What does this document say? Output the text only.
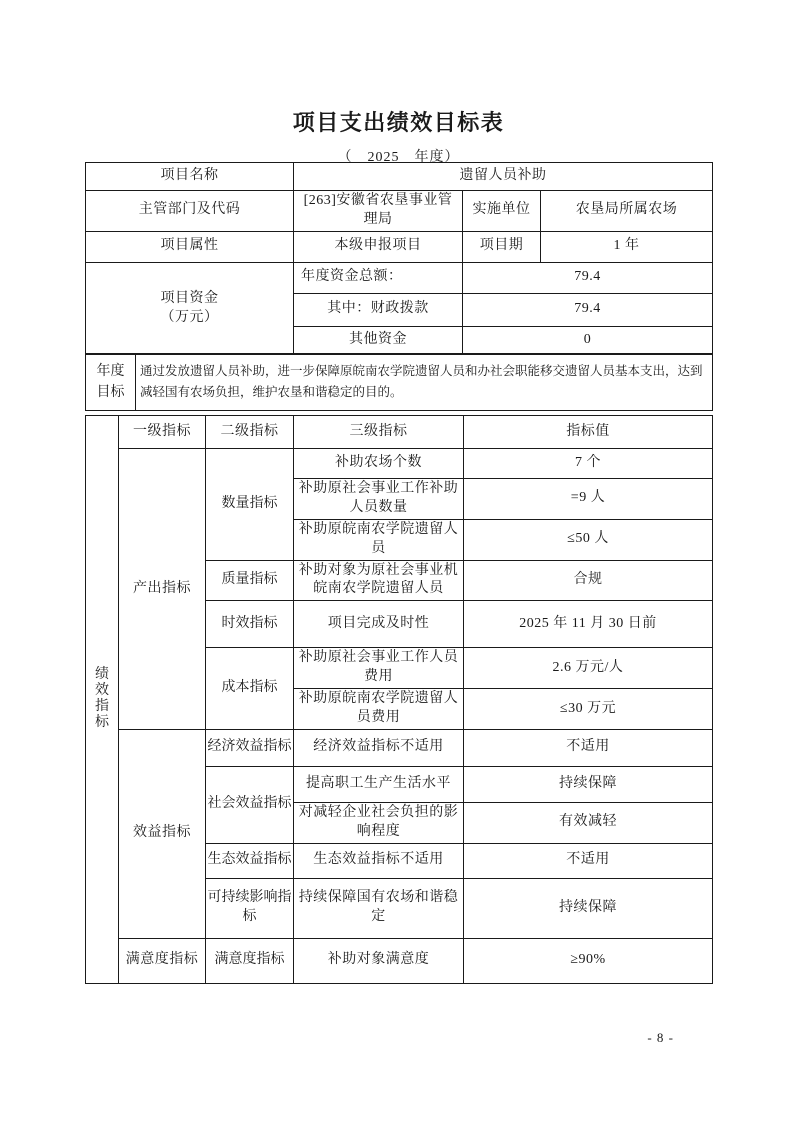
项目支出绩效目标表
（　2025　年度）
项目名称	遗留人员补助		
主管部门及代码	[263]安徽省农垦事业管理局	实施单位	农垦局所属农场
项目属性	本级申报项目	项目期	1 年

项目资金
（万元）	年度资金总额：	79.4	
	其中：财政拨款	79.4	
	其他资金	0	
年度
目标
	通过发放遗留人员补助，进一步保障原皖南农学院遗留人员和办社会职能移交遗留人员基本支出，达到减轻国有农场负担，维护农垦和谐稳定的目的。
绩
效
指
标	一级指标	二级指标	三级指标	指标值
	产出指标	数量指标	补助农场个数	7 个
			补助原社会事业工作补助人员数量	=9 人
			补助原皖南农学院遗留人员	≤50 人
		质量指标	补助对象为原社会事业机皖南农学院遗留人员	合规
		时效指标	项目完成及时性	2025 年 11 月 30 日前
		成本指标	补助原社会事业工作人员费用	2.6 万元/人
			补助原皖南农学院遗留人员费用	≤30 万元
	效益指标	经济效益指标	经济效益指标不适用	不适用
		社会效益指标	提高职工生产生活水平	持续保障
			对减轻企业社会负担的影响程度	有效减轻
		生态效益指标	生态效益指标不适用	不适用
		可持续影响指标	持续保障国有农场和谐稳定	持续保障
	满意度指标	满意度指标	补助对象满意度	≥90%
- 8 -
